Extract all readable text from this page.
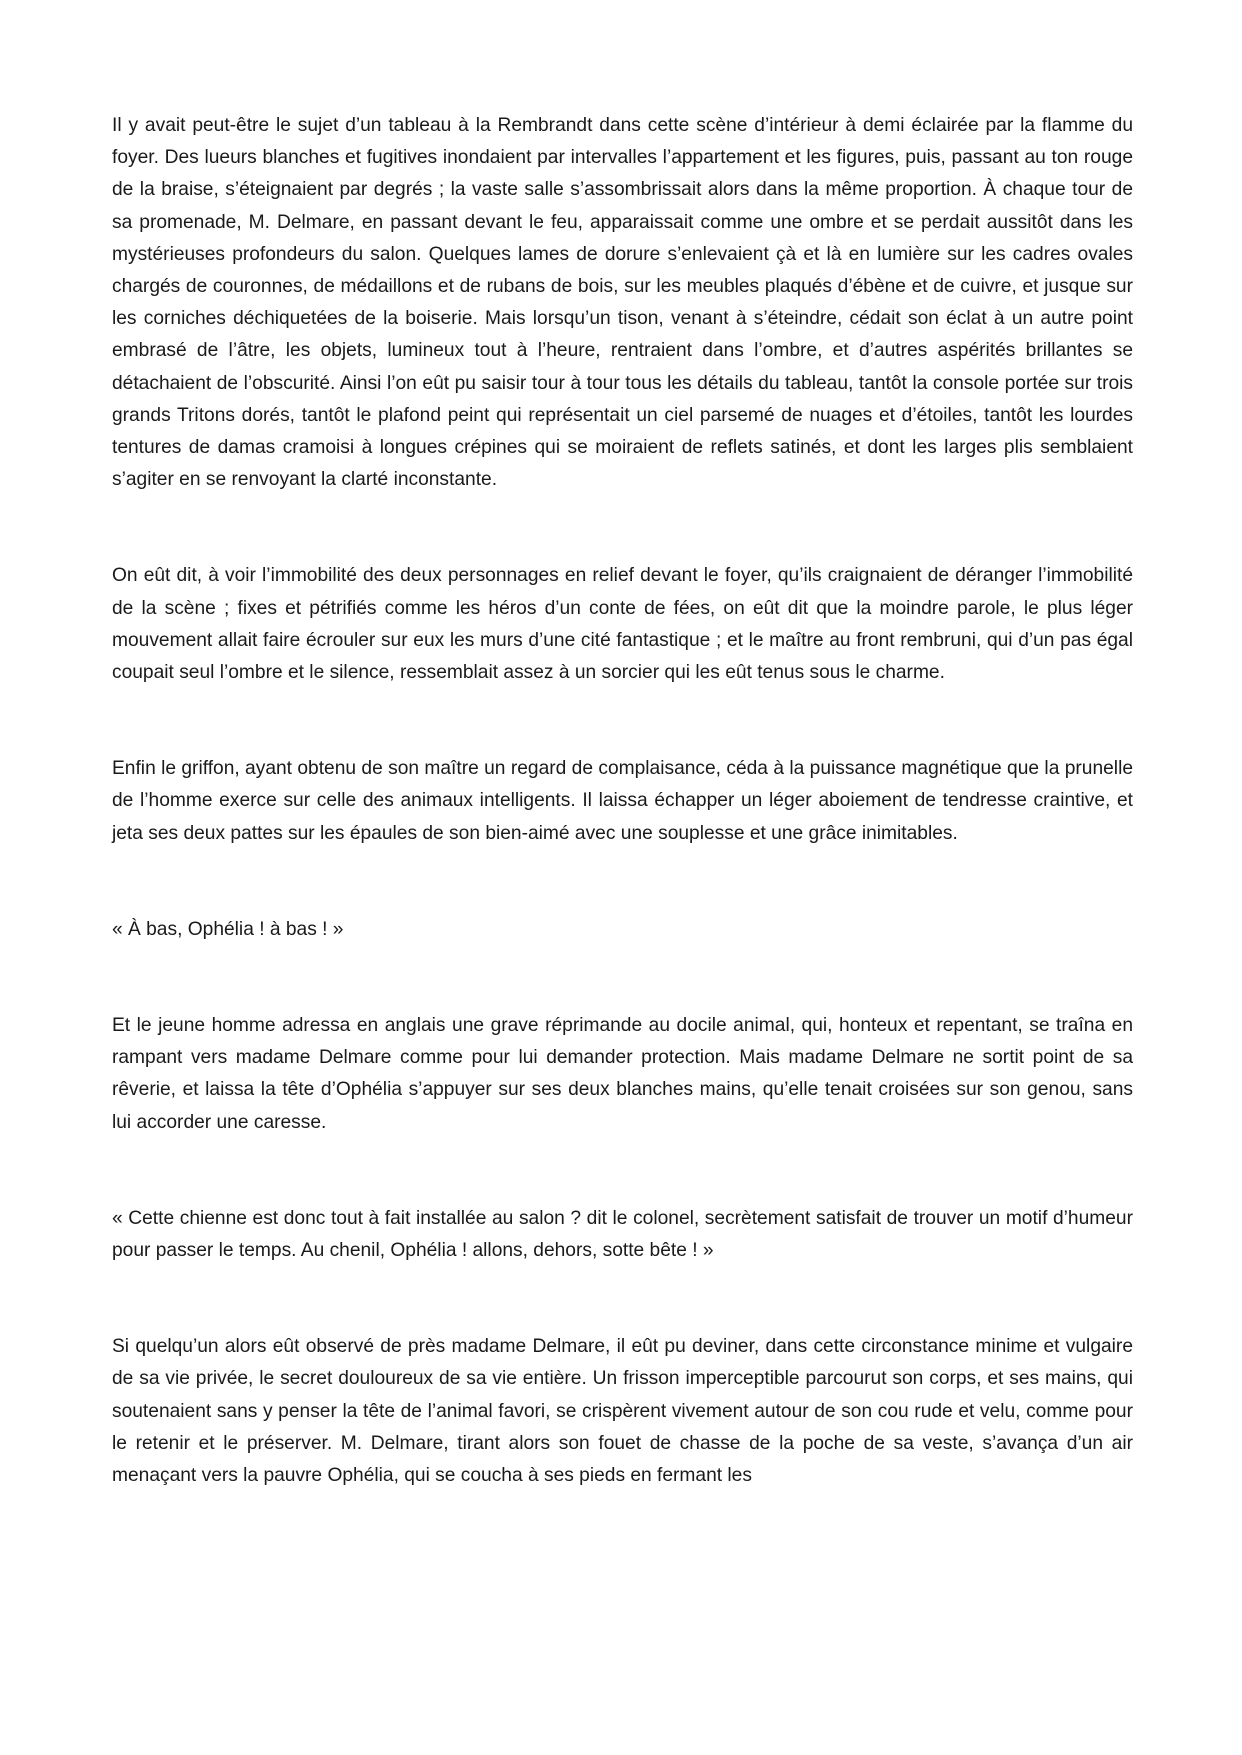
Il y avait peut-être le sujet d’un tableau à la Rembrandt dans cette scène d’intérieur à demi éclairée par la flamme du foyer. Des lueurs blanches et fugitives inondaient par intervalles l’appartement et les figures, puis, passant au ton rouge de la braise, s’éteignaient par degrés ; la vaste salle s’assombrissait alors dans la même proportion. À chaque tour de sa promenade, M. Delmare, en passant devant le feu, apparaissait comme une ombre et se perdait aussitôt dans les mystérieuses profondeurs du salon. Quelques lames de dorure s’enlevaient çà et là en lumière sur les cadres ovales chargés de couronnes, de médaillons et de rubans de bois, sur les meubles plaqués d’ébène et de cuivre, et jusque sur les corniches déchiquetées de la boiserie. Mais lorsqu’un tison, venant à s’éteindre, cédait son éclat à un autre point embrasé de l’âtre, les objets, lumineux tout à l’heure, rentraient dans l’ombre, et d’autres aspérités brillantes se détachaient de l’obscurité. Ainsi l’on eût pu saisir tour à tour tous les détails du tableau, tantôt la console portée sur trois grands Tritons dorés, tantôt le plafond peint qui représentait un ciel parsemé de nuages et d’étoiles, tantôt les lourdes tentures de damas cramoisi à longues crépines qui se moiraient de reflets satinés, et dont les larges plis semblaient s’agiter en se renvoyant la clarté inconstante.

On eût dit, à voir l’immobilité des deux personnages en relief devant le foyer, qu’ils craignaient de déranger l’immobilité de la scène ; fixes et pétrifiés comme les héros d’un conte de fées, on eût dit que la moindre parole, le plus léger mouvement allait faire écrouler sur eux les murs d’une cité fantastique ; et le maître au front rembruni, qui d’un pas égal coupait seul l’ombre et le silence, ressemblait assez à un sorcier qui les eût tenus sous le charme.

Enfin le griffon, ayant obtenu de son maître un regard de complaisance, céda à la puissance magnétique que la prunelle de l’homme exerce sur celle des animaux intelligents. Il laissa échapper un léger aboiement de tendresse craintive, et jeta ses deux pattes sur les épaules de son bien-aimé avec une souplesse et une grâce inimitables.

« À bas, Ophélia ! à bas ! »

Et le jeune homme adressa en anglais une grave réprimande au docile animal, qui, honteux et repentant, se traîna en rampant vers madame Delmare comme pour lui demander protection. Mais madame Delmare ne sortit point de sa rêverie, et laissa la tête d’Ophélia s’appuyer sur ses deux blanches mains, qu’elle tenait croisées sur son genou, sans lui accorder une caresse.

« Cette chienne est donc tout à fait installée au salon ? dit le colonel, secrètement satisfait de trouver un motif d’humeur pour passer le temps. Au chenil, Ophélia ! allons, dehors, sotte bête ! »

Si quelqu’un alors eût observé de près madame Delmare, il eût pu deviner, dans cette circonstance minime et vulgaire de sa vie privée, le secret douloureux de sa vie entière. Un frisson imperceptible parcourut son corps, et ses mains, qui soutenaient sans y penser la tête de l’animal favori, se crispèrent vivement autour de son cou rude et velu, comme pour le retenir et le préserver. M. Delmare, tirant alors son fouet de chasse de la poche de sa veste, s’avança d’un air menaçant vers la pauvre Ophélia, qui se coucha à ses pieds en fermant les
